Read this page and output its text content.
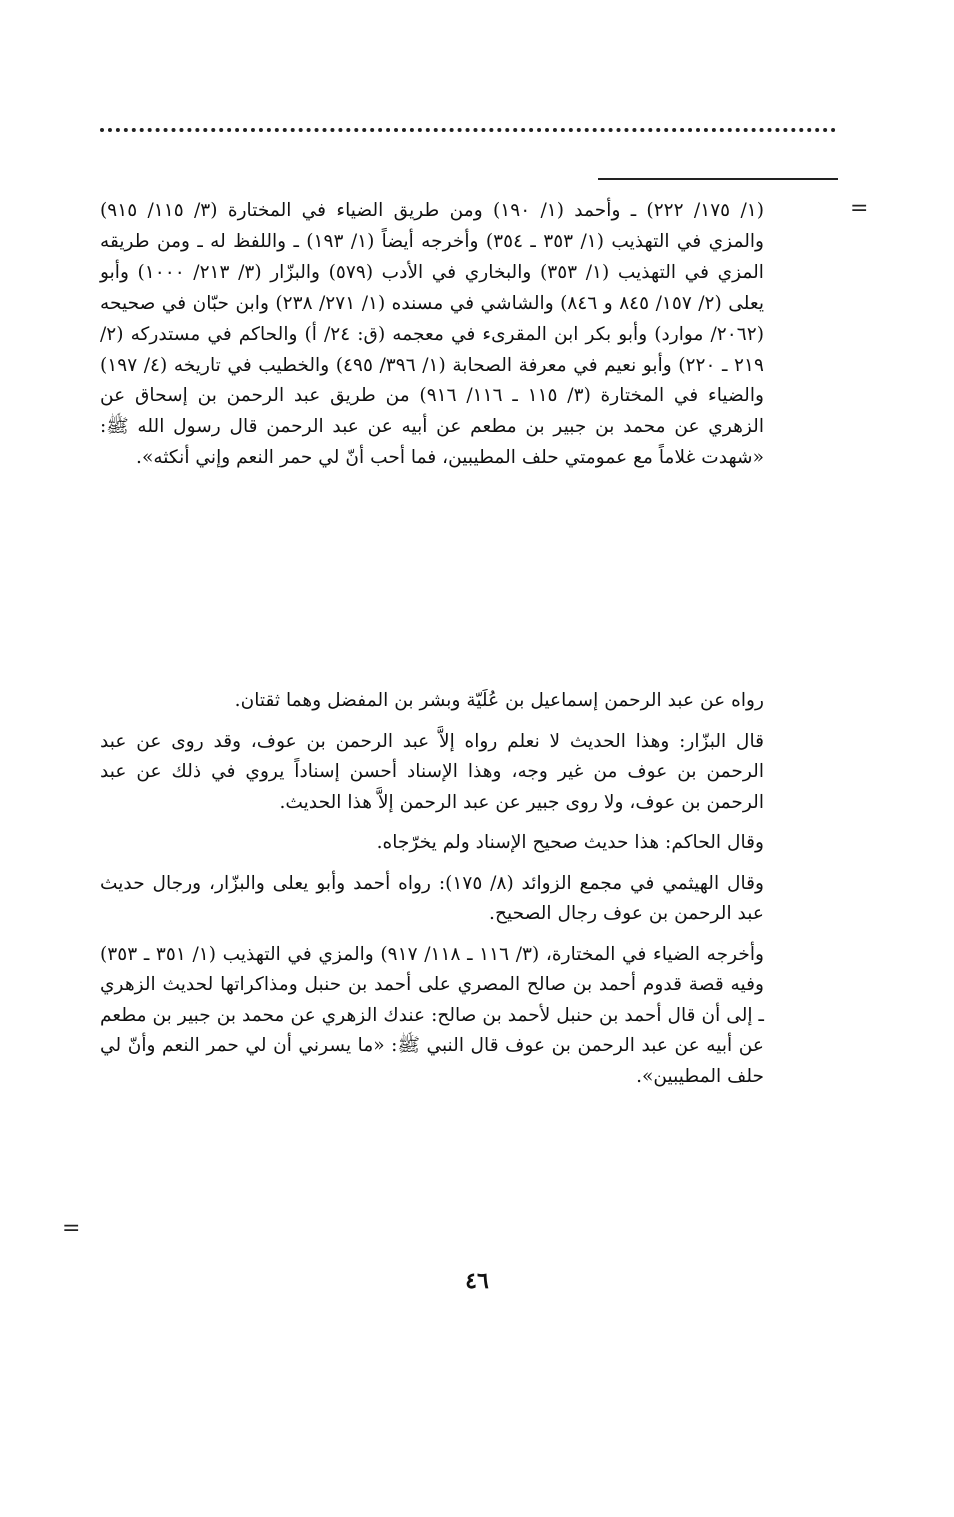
=

(١/ ١٧٥/ ٢٢٢) ـ وأحمد (١/ ١٩٠) ومن طريق الضياء في المختارة (٣/ ١١٥/ ٩١٥) والمزي في التهذيب (١/ ٣٥٣ ـ ٣٥٤) وأخرجه أيضاً (١/ ١٩٣) ـ واللفظ له ـ ومن طريقه المزي في التهذيب (١/ ٣٥٣) والبخاري في الأدب (٥٧٩) والبزّار (٣/ ٢١٣/ ١٠٠٠) وأبو يعلى (٢/ ١٥٧/ ٨٤٥ و ٨٤٦) والشاشي في مسنده (١/ ٢٧١/ ٢٣٨) وابن حبّان في صحيحه (٢٠٦٢/ موارد) وأبو بكر ابن المقرىء في معجمه (ق: ٢٤/ أ) والحاكم في مستدركه (٢/ ٢١٩ ـ ٢٢٠) وأبو نعيم في معرفة الصحابة (١/ ٣٩٦/ ٤٩٥) والخطيب في تاريخه (٤/ ١٩٧) والضياء في المختارة (٣/ ١١٥ ـ ١١٦/ ٩١٦) من طريق عبد الرحمن بن إسحاق عن الزهري عن محمد بن جبير بن مطعم عن أبيه عن عبد الرحمن قال رسول الله ﷺ: «شهدت غلاماً مع عمومتي حلف المطيبين، فما أحب أنّ لي حمر النعم وإني أنكثه».

رواه عن عبد الرحمن إسماعيل بن عُلَيّة وبشر بن المفضل وهما ثقتان.

قال البزّار: وهذا الحديث لا نعلم رواه إلاَّ عبد الرحمن بن عوف، وقد روى عن عبد الرحمن بن عوف من غير وجه، وهذا الإسناد أحسن إسناداً يروي في ذلك عن عبد الرحمن بن عوف، ولا روى جبير عن عبد الرحمن إلاَّ هذا الحديث.

وقال الحاكم: هذا حديث صحيح الإسناد ولم يخرّجاه.

وقال الهيثمي في مجمع الزوائد (٨/ ١٧٥): رواه أحمد وأبو يعلى والبزّار، ورجال حديث عبد الرحمن بن عوف رجال الصحيح.

وأخرجه الضياء في المختارة، (٣/ ١١٦ ـ ١١٨/ ٩١٧) والمزي في التهذيب (١/ ٣٥١ ـ ٣٥٣) وفيه قصة قدوم أحمد بن صالح المصري على أحمد بن حنبل ومذاكراتها لحديث الزهري ـ إلى أن قال أحمد بن حنبل لأحمد بن صالح: عندك الزهري عن محمد بن جبير بن مطعم عن أبيه عن عبد الرحمن بن عوف قال النبي ﷺ: «ما يسرني أن لي حمر النعم وأنّ لي حلف المطيبين».

=
٤٦
